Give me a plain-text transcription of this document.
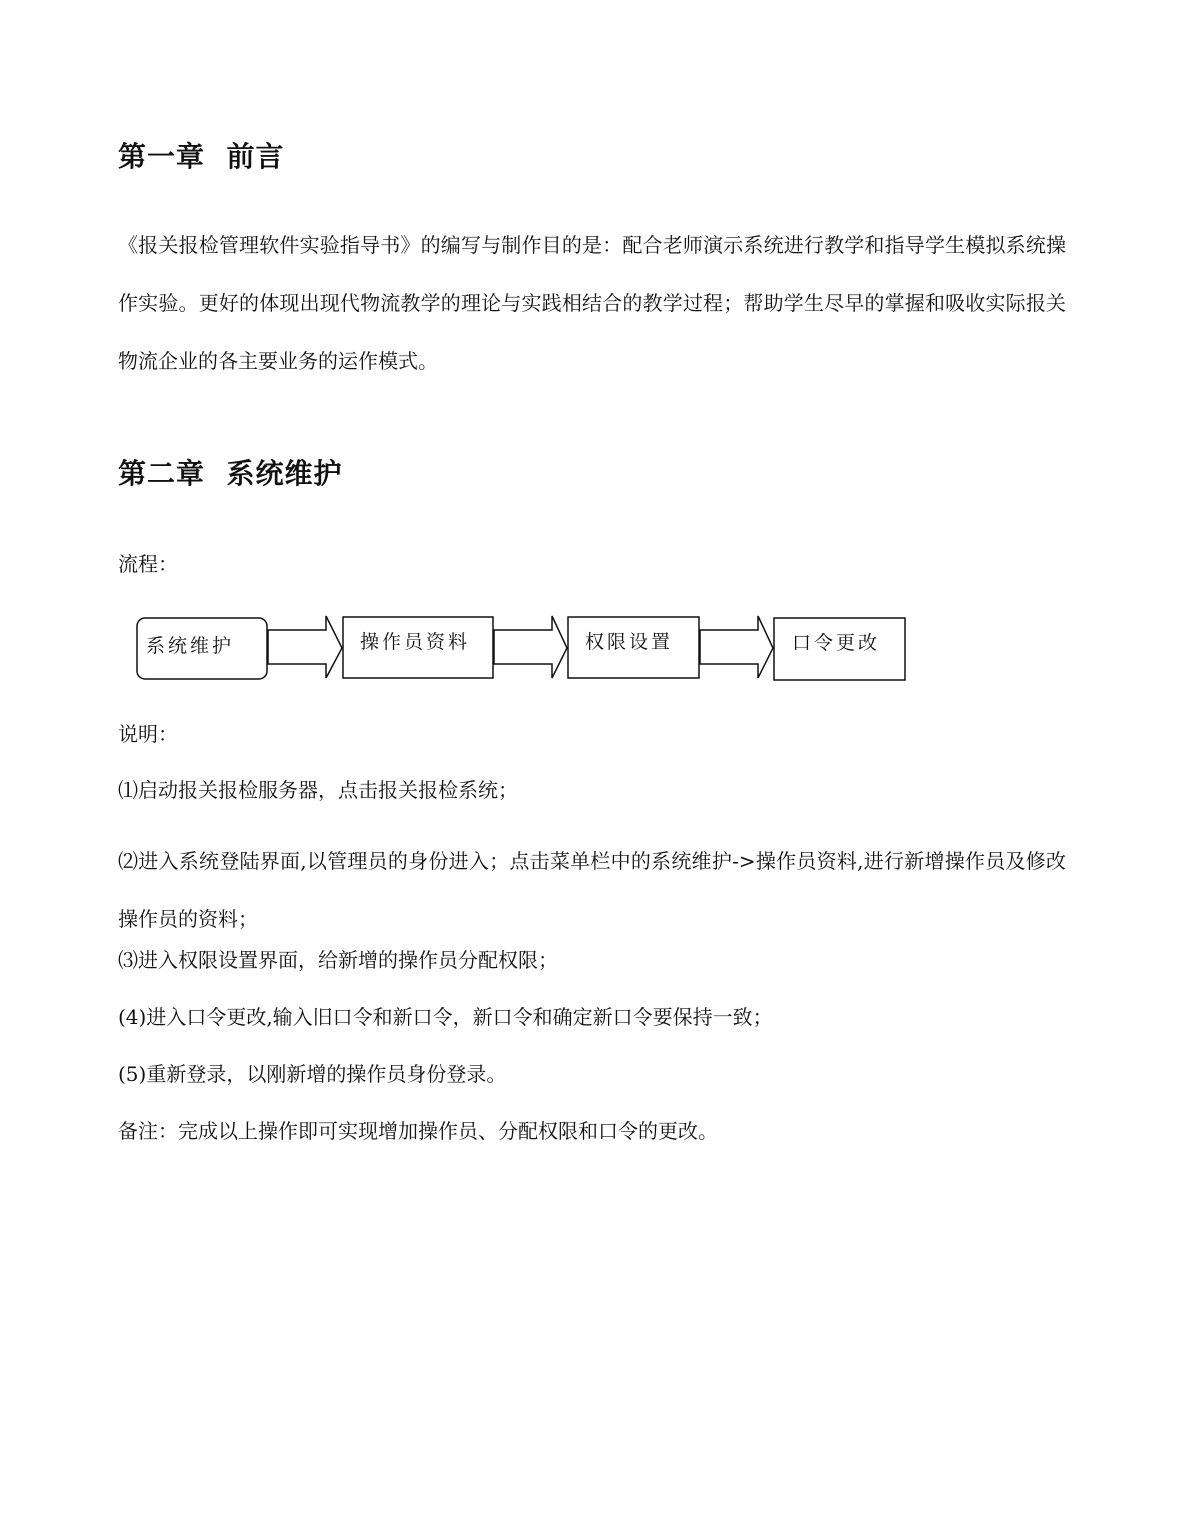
第一章  前言

《报关报检管理软件实验指导书》的编写与制作目的是：配合老师演示系统进行教学和指导学生模拟系统操作实验。更好的体现出现代物流教学的理论与实践相结合的教学过程；帮助学生尽早的掌握和吸收实际报关物流企业的各主要业务的运作模式。

第二章  系统维护

流程：

系统维护	操作员资料	权限设置	口令更改

说明：

⑴启动报关报检服务器，点击报关报检系统；

⑵进入系统登陆界面,以管理员的身份进入；点击菜单栏中的系统维护->操作员资料,进行新增操作员及修改操作员的资料；

⑶进入权限设置界面，给新增的操作员分配权限；

(4)进入口令更改,输入旧口令和新口令，新口令和确定新口令要保持一致；

(5)重新登录，以刚新增的操作员身份登录。

备注：完成以上操作即可实现增加操作员、分配权限和口令的更改。
